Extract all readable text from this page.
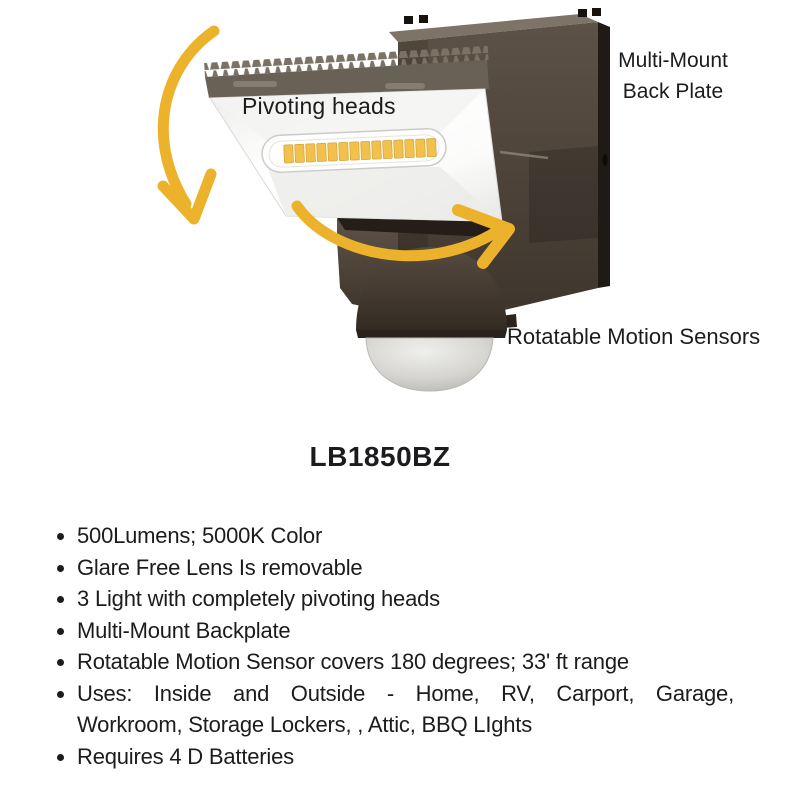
Pivoting heads
Multi-Mount
Back Plate
Rotatable Motion Sensors
LB1850BZ
500Lumens; 5000K Color
Glare Free Lens Is removable
3 Light with completely pivoting heads
Multi-Mount Backplate
Rotatable Motion Sensor covers 180 degrees; 33' ft range
Uses: Inside and Outside - Home, RV, Carport, Garage,
Workroom, Storage Lockers, , Attic, BBQ LIghts
Requires 4 D Batteries
